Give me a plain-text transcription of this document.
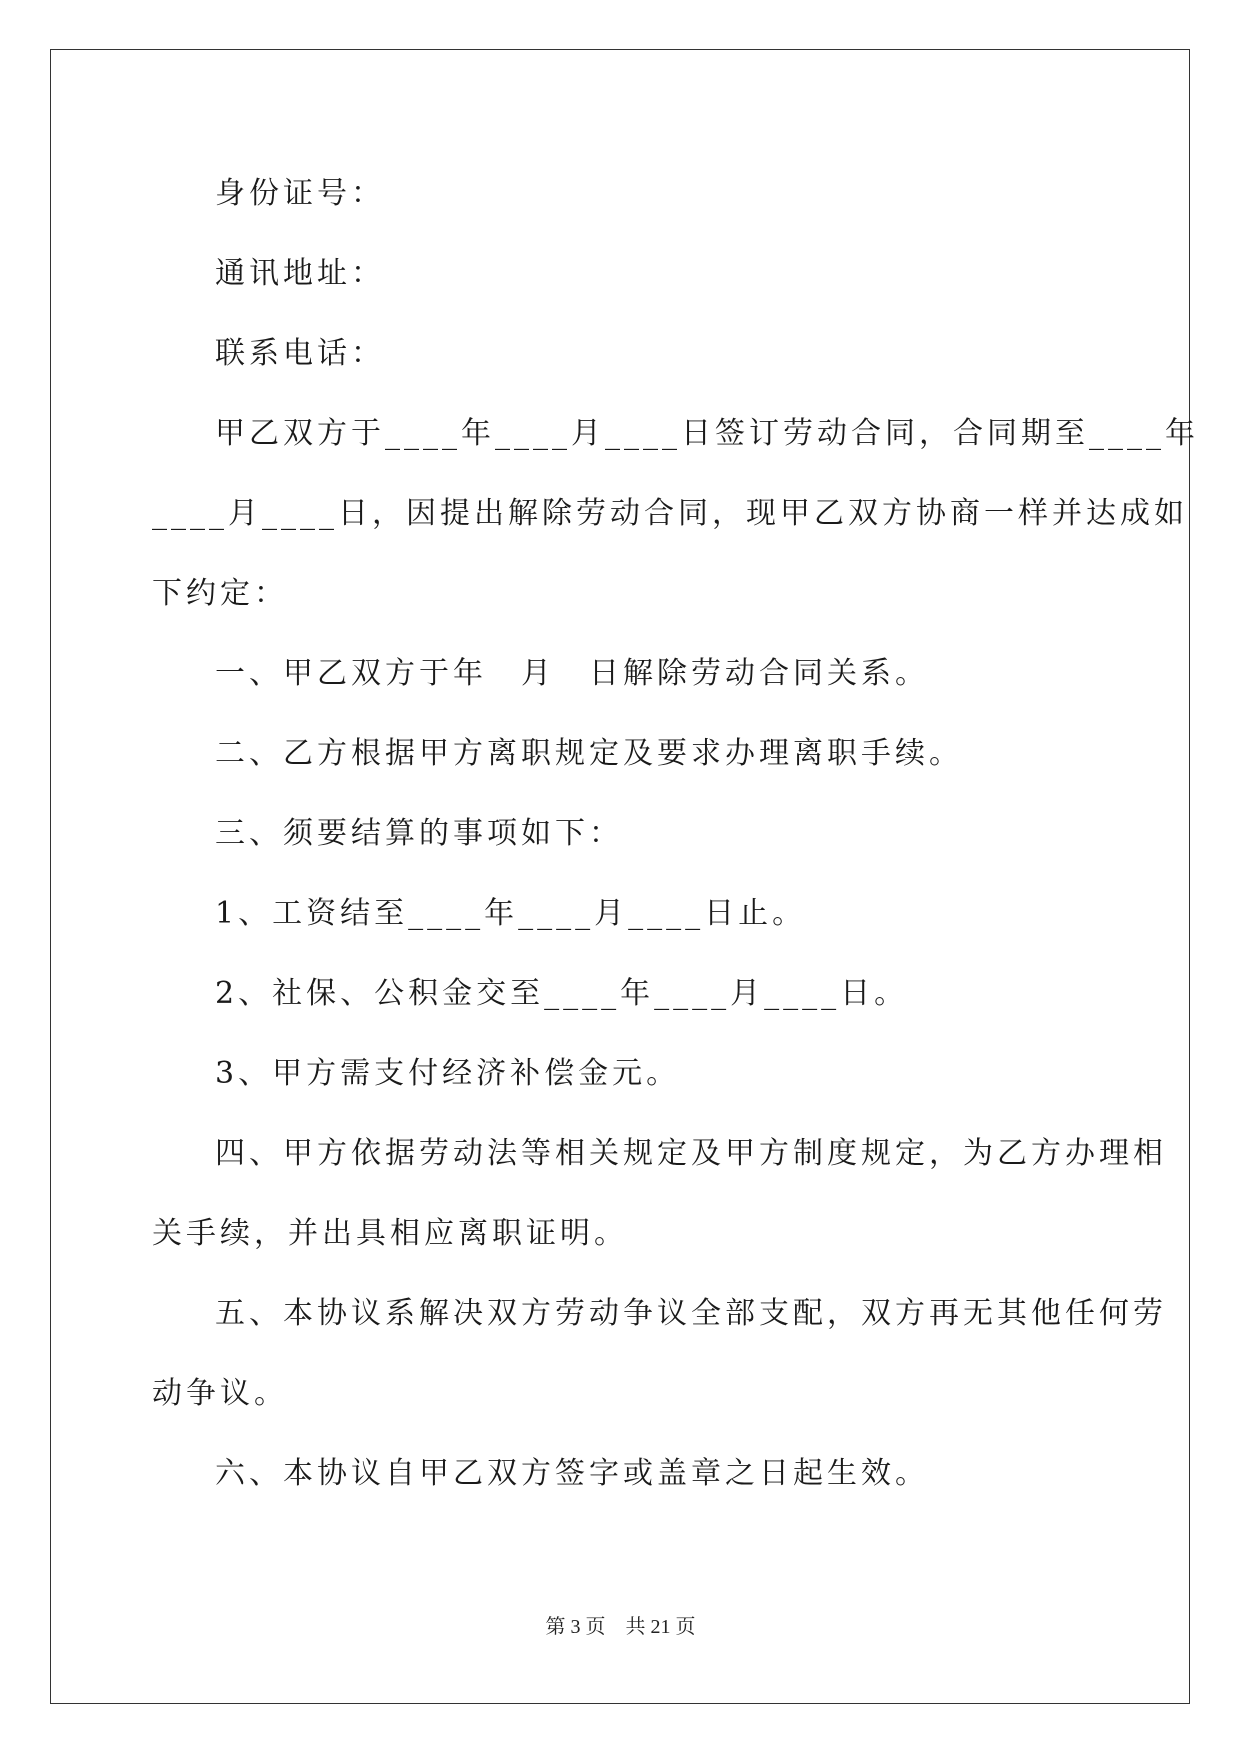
身份证号：
通讯地址：
联系电话：
甲乙双方于____年____月____日签订劳动合同，合同期至____年
____月____日，因提出解除劳动合同，现甲乙双方协商一样并达成如
下约定：
一、甲乙双方于年　月　日解除劳动合同关系。
二、乙方根据甲方离职规定及要求办理离职手续。
三、须要结算的事项如下：
1、工资结至____年____月____日止。
2、社保、公积金交至____年____月____日。
3、甲方需支付经济补偿金元。
四、甲方依据劳动法等相关规定及甲方制度规定，为乙方办理相
关手续，并出具相应离职证明。
五、本协议系解决双方劳动争议全部支配，双方再无其他任何劳
动争议。
六、本协议自甲乙双方签字或盖章之日起生效。
第 3 页　共 21 页
